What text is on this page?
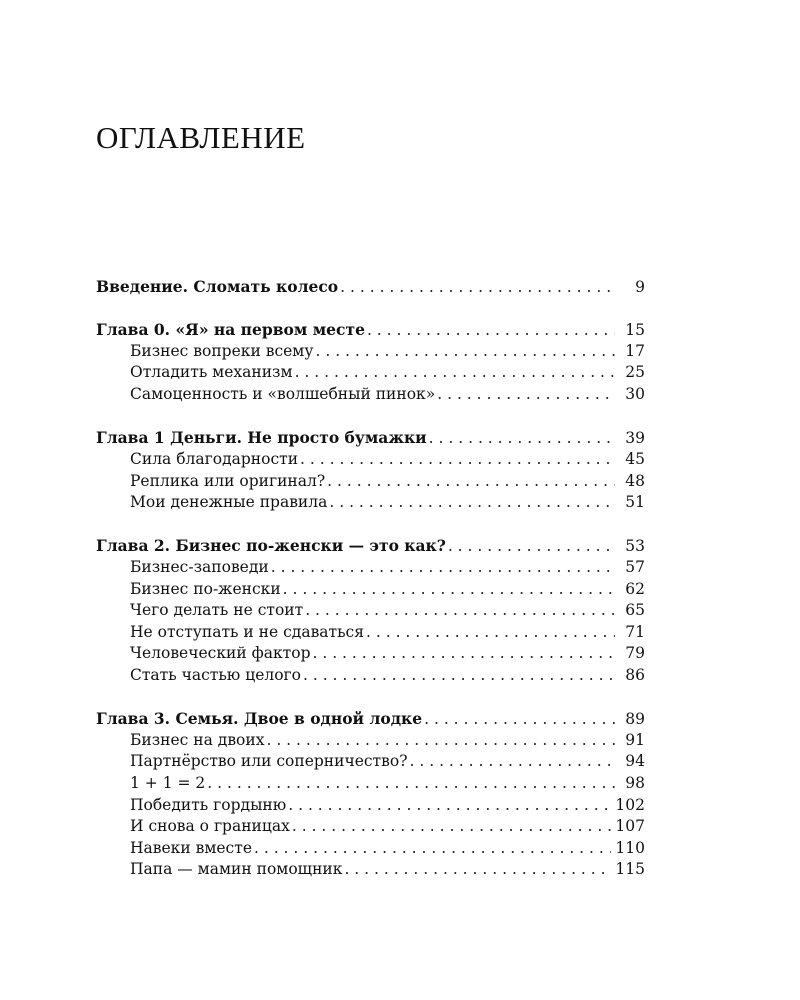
ОГЛАВЛЕНИЕ
Введение. Сломать колесо . . .	9
Глава 0. «Я» на первом месте . . .	15
Бизнес вопреки всему . . .	17
Отладить механизм . . .	25
Самоценность и «волшебный пинок» . . .	30
Глава 1 Деньги. Не просто бумажки . . .	39
Сила благодарности . . .	45
Реплика или оригинал? . . .	48
Мои денежные правила . . .	51
Глава 2. Бизнес по-женски — это как? . . .	53
Бизнес-заповеди . . .	57
Бизнес по-женски . . .	62
Чего делать не стоит . . .	65
Не отступать и не сдаваться . . .	71
Человеческий фактор . . .	79
Стать частью целого . . .	86
Глава 3. Семья. Двое в одной лодке . . .	89
Бизнес на двоих . . .	91
Партнёрство или соперничество? . . .	94
1 + 1 = 2 . . .	98
Победить гордыню . . .	102
И снова о границах . . .	107
Навеки вместе . . .	110
Папа — мамин помощник . . .	115
